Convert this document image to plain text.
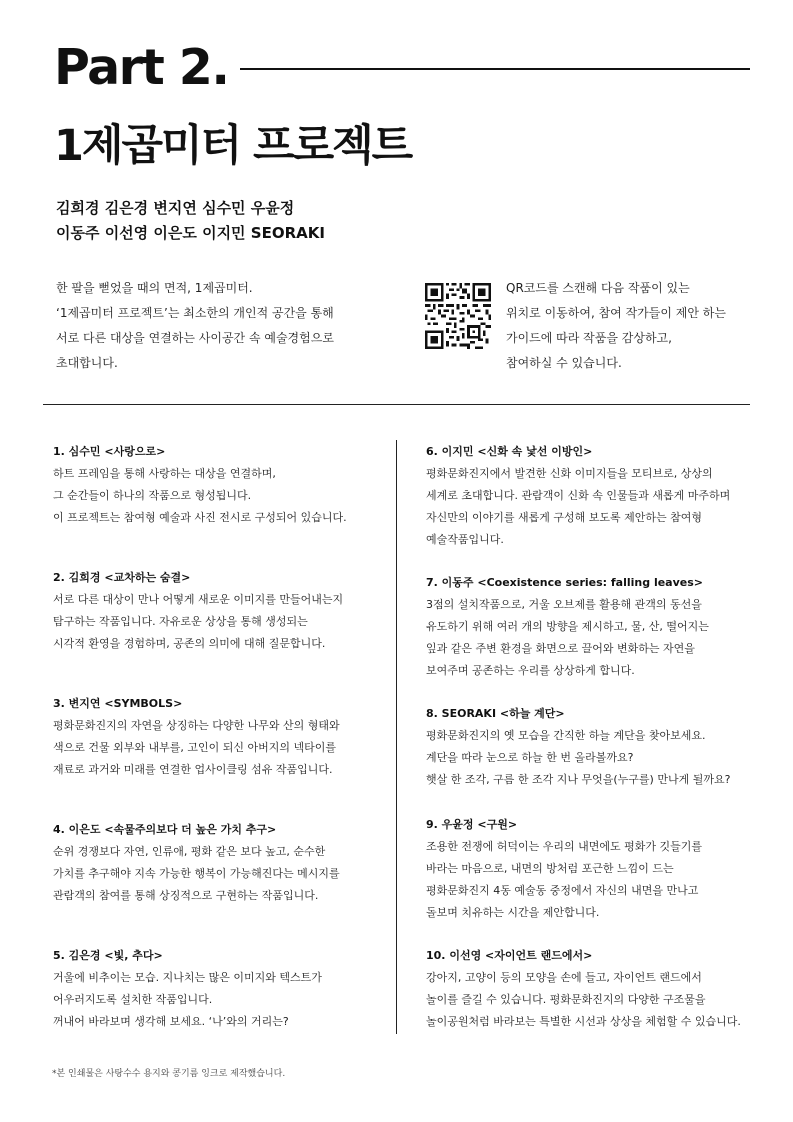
Part 2.
1제곱미터 프로젝트
김희경 김은경 변지연 심수민 우윤정
이동주 이선영 이은도 이지민 SEORAKI
한 팔을 뻗었을 때의 면적, 1제곱미터.
‘1제곱미터 프로젝트’는 최소한의 개인적 공간을 통해
서로 다른 대상을 연결하는 사이공간 속 예술경험으로
초대합니다.
QR코드를 스캔해 다음 작품이 있는
위치로 이동하여, 참여 작가들이 제안 하는
가이드에 따라 작품을 감상하고,
참여하실 수 있습니다.
1. 심수민 <사랑으로>
하트 프레임을 통해 사랑하는 대상을 연결하며,
그 순간들이 하나의 작품으로 형성됩니다.
이 프로젝트는 참여형 예술과 사진 전시로 구성되어 있습니다.
2. 김희경 <교차하는 숨결>
서로 다른 대상이 만나 어떻게 새로운 이미지를 만들어내는지
탐구하는 작품입니다. 자유로운 상상을 통해 생성되는
시각적 환영을 경험하며, 공존의 의미에 대해 질문합니다.
3. 변지연 <SYMBOLS>
평화문화진지의 자연을 상징하는 다양한 나무와 산의 형태와
색으로 건물 외부와 내부를, 고인이 되신 아버지의 넥타이를
재료로 과거와 미래를 연결한 업사이클링 섬유 작품입니다.
4. 이은도 <속물주의보다 더 높은 가치 추구>
순위 경쟁보다 자연, 인류애, 평화 같은 보다 높고, 순수한
가치를 추구해야 지속 가능한 행복이 가능해진다는 메시지를
관람객의 참여를 통해 상징적으로 구현하는 작품입니다.
5. 김은경 <빛, 추다>
거울에 비추이는 모습. 지나치는 많은 이미지와 텍스트가
어우러지도록 설치한 작품입니다.
꺼내어 바라보며 생각해 보세요. ‘나’와의 거리는?
6. 이지민 <신화 속 낯선 이방인>
평화문화진지에서 발견한 신화 이미지들을 모티브로, 상상의
세계로 초대합니다. 관람객이 신화 속 인물들과 새롭게 마주하며
자신만의 이야기를 새롭게 구성해 보도록 제안하는 참여형
예술작품입니다.
7. 이동주 <Coexistence series: falling leaves>
3점의 설치작품으로, 거울 오브제를 활용해 관객의 동선을
유도하기 위해 여러 개의 방향을 제시하고, 물, 산, 떨어지는
잎과 같은 주변 환경을 화면으로 끌어와 변화하는 자연을
보여주며 공존하는 우리를 상상하게 합니다.
8. SEORAKI <하늘 계단>
평화문화진지의 옛 모습을 간직한 하늘 계단을 찾아보세요.
계단을 따라 눈으로 하늘 한 번 올라볼까요?
햇살 한 조각, 구름 한 조각 지나 무엇을(누구를) 만나게 될까요?
9. 우윤정 <구원>
조용한 전쟁에 허덕이는 우리의 내면에도 평화가 깃들기를
바라는 마음으로, 내면의 방처럼 포근한 느낌이 드는
평화문화진지 4동 예술동 중정에서 자신의 내면을 만나고
돌보며 치유하는 시간을 제안합니다.
10. 이선영 <자이언트 랜드에서>
강아지, 고양이 등의 모양을 손에 들고, 자이언트 랜드에서
놀이를 즐길 수 있습니다. 평화문화진지의 다양한 구조물을
놀이공원처럼 바라보는 특별한 시선과 상상을 체험할 수 있습니다.
*본 인쇄물은 사탕수수 용지와 콩기름 잉크로 제작했습니다.
